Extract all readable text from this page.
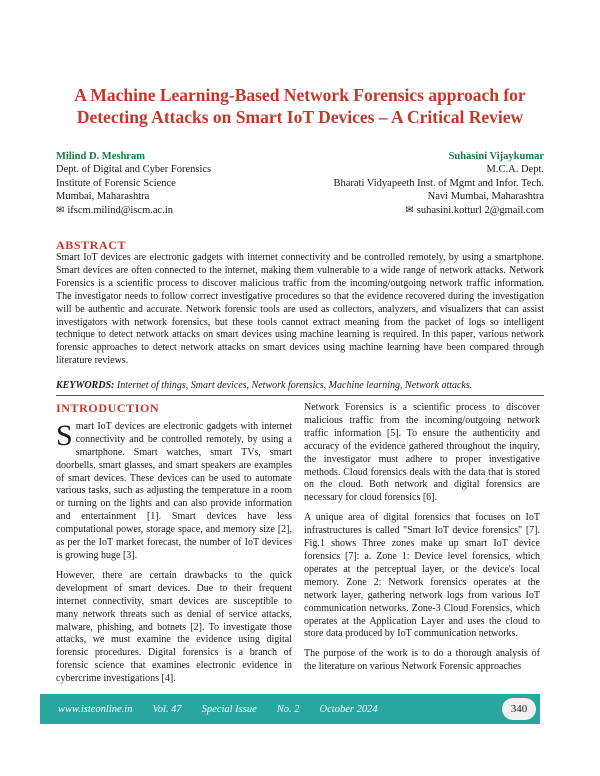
A Machine Learning-Based Network Forensics approach for
Detecting Attacks on Smart IoT Devices – A Critical Review
Milind D. Meshram
Dept. of Digital and Cyber Forensics
Institute of Forensic Science
Mumbai, Maharashtra
✉ ifscm.milind@iscm.ac.in
Suhasini Vijaykumar
M.C.A. Dept.
Bharati Vidyapeeth Inst. of Mgmt and Infor. Tech.
Navi Mumbai, Maharashtra
✉ suhasini.kotturl 2@gmail.com
ABSTRACT
Smart IoT devices are electronic gadgets with internet connectivity and be controlled remotely, by using a smartphone. Smart devices are often connected to the internet, making them vulnerable to a wide range of network attacks. Network Forensics is a scientific process to discover malicious traffic from the incoming/outgoing network traffic information. The investigator needs to follow correct investigative procedures so that the evidence recovered during the investigation will be authentic and accurate. Network forensic tools are used as collectors, analyzers, and visualizers that can assist investigators with network forensics, but these tools cannot extract meaning from the packet of logs so intelligent technique to detect network attacks on smart devices using machine learning is required. In this paper, various network forensic approaches to detect network attacks on smart devices using machine learning have been compared through literature reviews.
KEYWORDS: Internet of things, Smart devices, Network forensics, Machine learning, Network attacks.
INTRODUCTION

Smart IoT devices are electronic gadgets with internet connectivity and be controlled remotely, by using a smartphone. Smart watches, smart TVs, smart doorbells, smart glasses, and smart speakers are examples of smart devices. These devices can be used to automate various tasks, such as adjusting the temperature in a room or turning on the lights and can also provide information and entertainment [1]. Smart devices have less computational power, storage space, and memory size [2], as per the IoT market forecast, the number of IoT devices is growing huge [3].

However, there are certain drawbacks to the quick development of smart devices. Due to their frequent internet connectivity, smart devices are susceptible to many network threats such as denial of service attacks, malware, phishing, and botnets [2]. To investigate those attacks, we must examine the evidence using digital forensic procedures. Digital forensics is a branch of forensic science that examines electronic evidence in cybercrime investigations [4].

Network Forensics is a scientific process to discover malicious traffic from the incoming/outgoing network traffic information [5]. To ensure the authenticity and accuracy of the evidence gathered throughout the inquiry, the investigator must adhere to proper investigative methods. Cloud forensics deals with the data that is stored on the cloud. Both network and digital forensics are necessary for cloud forensics [6].

A unique area of digital forensics that focuses on IoT infrastructures is called "Smart IoT device forensics" [7]. Fig.1 shows Three zones make up smart IoT device forensics [7]: a. Zone 1: Device level forensics, which operates at the perceptual layer, or the device's local memory. Zone 2: Network forensics operates at the network layer, gathering network logs from various IoT communication networks. Zone-3 Cloud Forensics, which operates at the Application Layer and uses the cloud to store data produced by IoT communication networks.

The purpose of the work is to do a thorough analysis of the literature on various Network Forensic approaches

www.isteonline.in Vol. 47 Special Issue No. 2 October 2024	340
